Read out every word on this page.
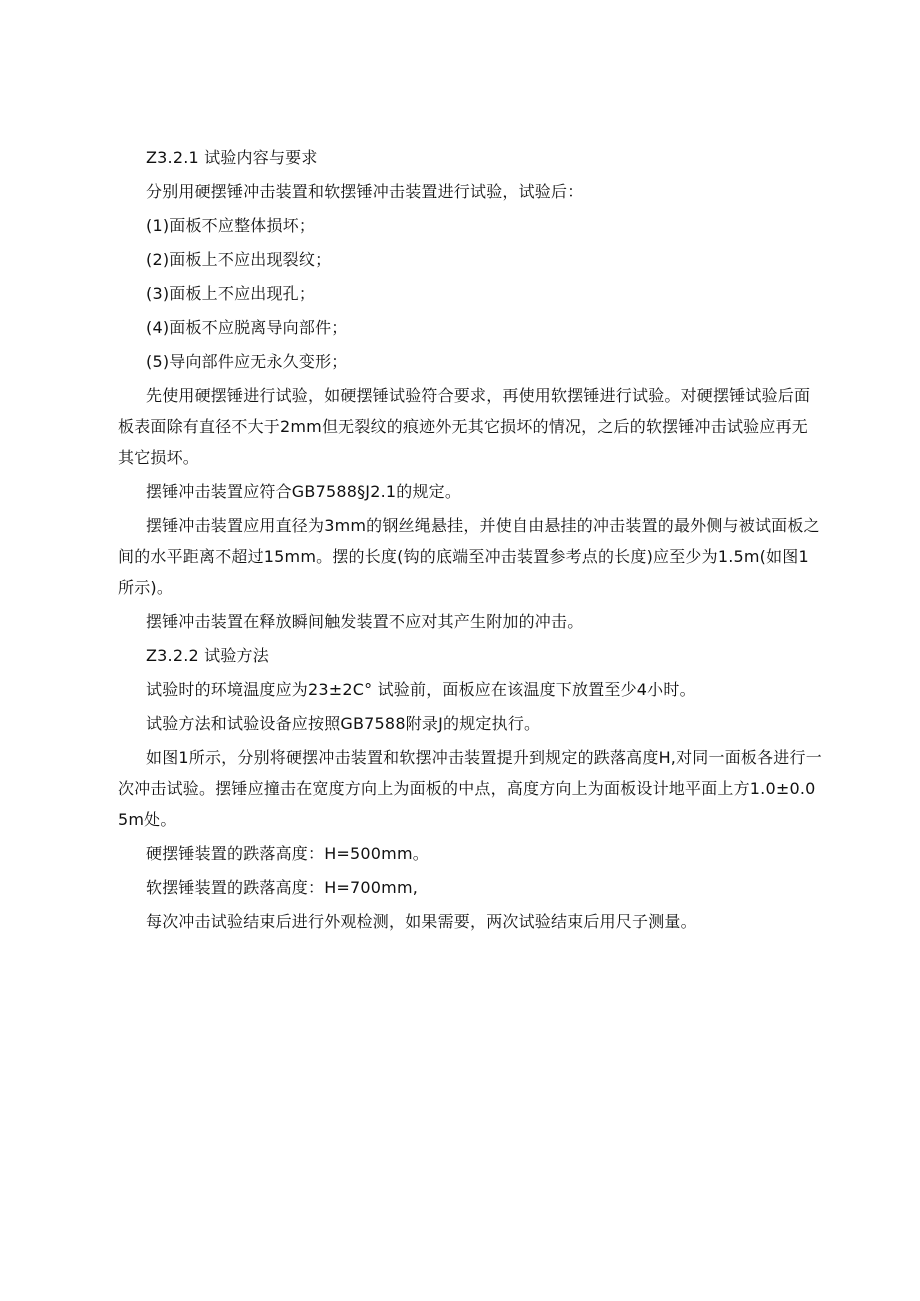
Z3.2.1 试验内容与要求

分别用硬摆锤冲击装置和软摆锤冲击装置进行试验，试验后：

(1)面板不应整体损坏；

(2)面板上不应出现裂纹；

(3)面板上不应出现孔；

(4)面板不应脱离导向部件；

(5)导向部件应无永久变形；

先使用硬摆锤进行试验，如硬摆锤试验符合要求，再使用软摆锤进行试验。对硬摆锤试验后面板表面除有直径不大于2mm但无裂纹的痕迹外无其它损坏的情况，之后的软摆锤冲击试验应再无其它损坏。

摆锤冲击装置应符合GB7588§J2.1的规定。

摆锤冲击装置应用直径为3mm的钢丝绳悬挂，并使自由悬挂的冲击装置的最外侧与被试面板之间的水平距离不超过15mm。摆的长度(钩的底端至冲击装置参考点的长度)应至少为1.5m(如图1所示)。

摆锤冲击装置在释放瞬间触发装置不应对其产生附加的冲击。

Z3.2.2 试验方法

试验时的环境温度应为23±2C° 试验前，面板应在该温度下放置至少4小时。

试验方法和试验设备应按照GB7588附录J的规定执行。

如图1所示，分别将硬摆冲击装置和软摆冲击装置提升到规定的跌落高度H,对同一面板各进行一次冲击试验。摆锤应撞击在宽度方向上为面板的中点，高度方向上为面板设计地平面上方1.0±0.05m处。

硬摆锤装置的跌落高度：H=500mm。

软摆锤装置的跌落高度：H=700mm,

每次冲击试验结束后进行外观检测，如果需要，两次试验结束后用尺子测量。
